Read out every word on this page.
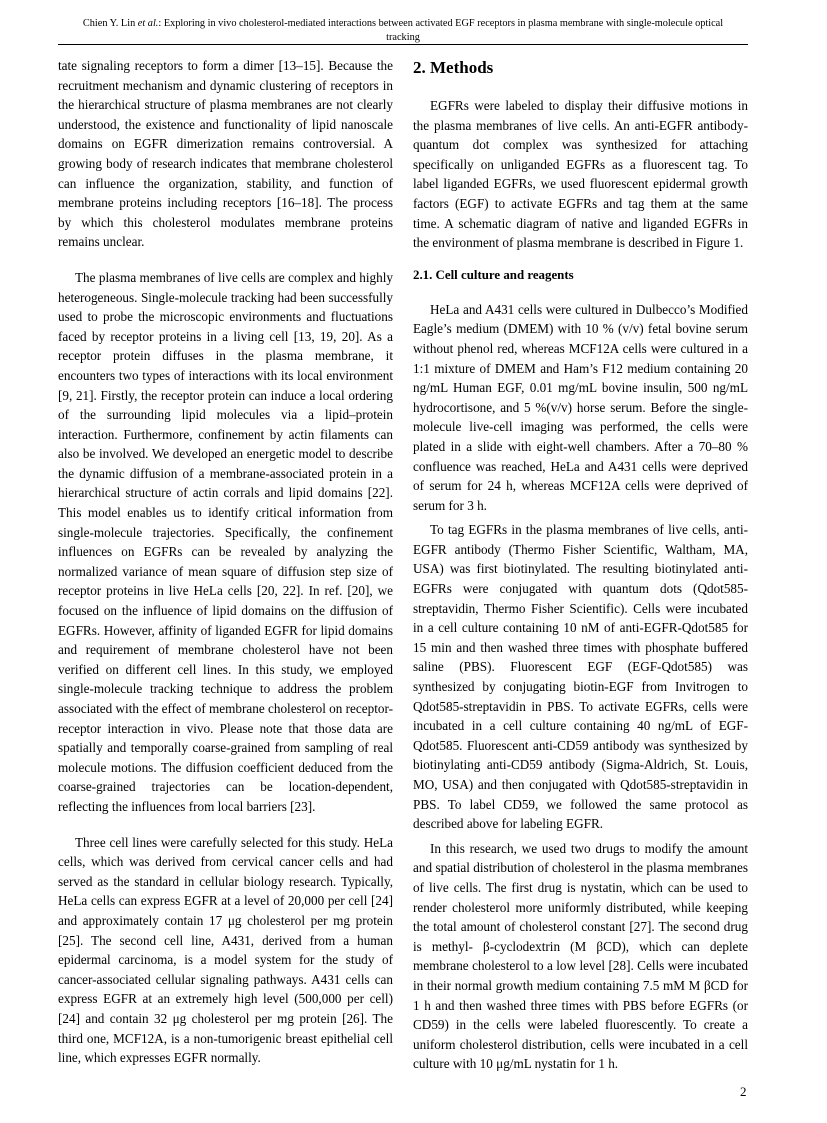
Chien Y. Lin et al.: Exploring in vivo cholesterol-mediated interactions between activated EGF receptors in plasma membrane with single-molecule optical
tracking

tate signaling receptors to form a dimer [13–15]. Because the recruitment mechanism and dynamic clustering of receptors in the hierarchical structure of plasma membranes are not clearly understood, the existence and functionality of lipid nanoscale domains on EGFR dimerization remains controversial. A growing body of research indicates that membrane cholesterol can influence the organization, stability, and function of membrane proteins including receptors [16–18]. The process by which this cholesterol modulates membrane proteins remains unclear.

The plasma membranes of live cells are complex and highly heterogeneous. Single-molecule tracking had been successfully used to probe the microscopic environments and fluctuations faced by receptor proteins in a living cell [13, 19, 20]. As a receptor protein diffuses in the plasma membrane, it encounters two types of interactions with its local environment [9, 21]. Firstly, the receptor protein can induce a local ordering of the surrounding lipid molecules via a lipid–protein interaction. Furthermore, confinement by actin filaments can also be involved. We developed an energetic model to describe the dynamic diffusion of a membrane-associated protein in a hierarchical structure of actin corrals and lipid domains [22]. This model enables us to identify critical information from single-molecule trajectories. Specifically, the confinement influences on EGFRs can be revealed by analyzing the normalized variance of mean square of diffusion step size of receptor proteins in live HeLa cells [20, 22]. In ref. [20], we focused on the influence of lipid domains on the diffusion of EGFRs. However, affinity of liganded EGFR for lipid domains and requirement of membrane cholesterol have not been verified on different cell lines. In this study, we employed single-molecule tracking technique to address the problem associated with the effect of membrane cholesterol on receptor-receptor interaction in vivo. Please note that those data are spatially and temporally coarse-grained from sampling of real molecule motions. The diffusion coefficient deduced from the coarse-grained trajectories can be location-dependent, reflecting the influences from local barriers [23].

Three cell lines were carefully selected for this study. HeLa cells, which was derived from cervical cancer cells and had served as the standard in cellular biology research. Typically, HeLa cells can express EGFR at a level of 20,000 per cell [24] and approximately contain 17 μg cholesterol per mg protein [25]. The second cell line, A431, derived from a human epidermal carcinoma, is a model system for the study of cancer-associated cellular signaling pathways. A431 cells can express EGFR at an extremely high level (500,000 per cell) [24] and contain 32 μg cholesterol per mg protein [26]. The third one, MCF12A, is a non-tumorigenic breast epithelial cell line, which expresses EGFR normally.

2. Methods

EGFRs were labeled to display their diffusive motions in the plasma membranes of live cells. An anti-EGFR antibody-quantum dot complex was synthesized for attaching specifically on unliganded EGFRs as a fluorescent tag. To label liganded EGFRs, we used fluorescent epidermal growth factors (EGF) to activate EGFRs and tag them at the same time. A schematic diagram of native and liganded EGFRs in the environment of plasma membrane is described in Figure 1.

2.1. Cell culture and reagents

HeLa and A431 cells were cultured in Dulbecco’s Modified Eagle’s medium (DMEM) with 10 % (v/v) fetal bovine serum without phenol red, whereas MCF12A cells were cultured in a 1:1 mixture of DMEM and Ham’s F12 medium containing 20 ng/mL Human EGF, 0.01 mg/mL bovine insulin, 500 ng/mL hydrocortisone, and 5 %(v/v) horse serum. Before the single-molecule live-cell imaging was performed, the cells were plated in a slide with eight-well chambers. After a 70–80 % confluence was reached, HeLa and A431 cells were deprived of serum for 24 h, whereas MCF12A cells were deprived of serum for 3 h.

To tag EGFRs in the plasma membranes of live cells, anti-EGFR antibody (Thermo Fisher Scientific, Waltham, MA, USA) was first biotinylated. The resulting biotinylated anti-EGFRs were conjugated with quantum dots (Qdot585-streptavidin, Thermo Fisher Scientific). Cells were incubated in a cell culture containing 10 nM of anti-EGFR-Qdot585 for 15 min and then washed three times with phosphate buffered saline (PBS). Fluorescent EGF (EGF-Qdot585) was synthesized by conjugating biotin-EGF from Invitrogen to Qdot585-streptavidin in PBS. To activate EGFRs, cells were incubated in a cell culture containing 40 ng/mL of EGF-Qdot585. Fluorescent anti-CD59 antibody was synthesized by biotinylating anti-CD59 antibody (Sigma-Aldrich, St. Louis, MO, USA) and then conjugated with Qdot585-streptavidin in PBS. To label CD59, we followed the same protocol as described above for labeling EGFR.

In this research, we used two drugs to modify the amount and spatial distribution of cholesterol in the plasma membranes of live cells. The first drug is nystatin, which can be used to render cholesterol more uniformly distributed, while keeping the total amount of cholesterol constant [27]. The second drug is methyl- β-cyclodextrin (M βCD), which can deplete membrane cholesterol to a low level [28]. Cells were incubated in their normal growth medium containing 7.5 mM M βCD for 1 h and then washed three times with PBS before EGFRs (or CD59) in the cells were labeled fluorescently. To create a uniform cholesterol distribution, cells were incubated in a cell culture with 10 μg/mL nystatin for 1 h.

2
